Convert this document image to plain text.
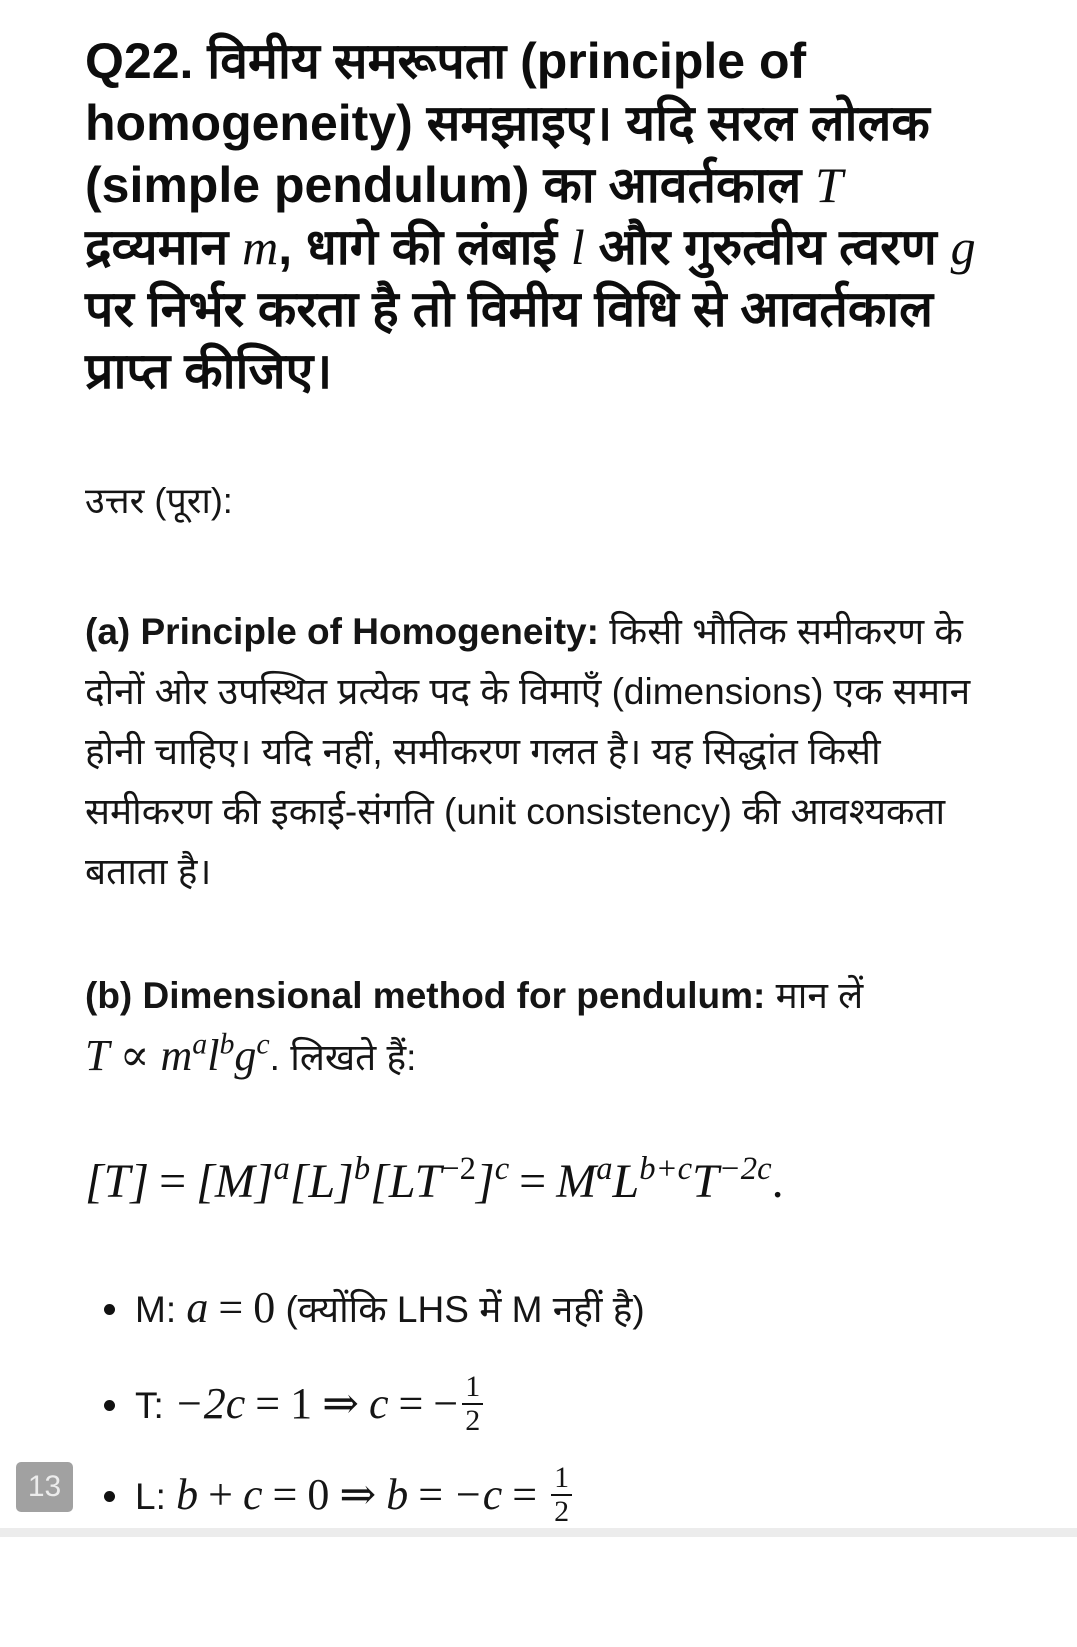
Q22. विमीय समरूपता (principle of homogeneity) समझाइए। यदि सरल लोलक (simple pendulum) का आवर्तकाल T द्रव्यमान m, धागे की लंबाई l और गुरुत्वीय त्वरण g पर निर्भर करता है तो विमीय विधि से आवर्तकाल प्राप्त कीजिए।
उत्तर (पूरा):
(a) Principle of Homogeneity: किसी भौतिक समीकरण के दोनों ओर उपस्थित प्रत्येक पद के विमाएँ (dimensions) एक समान होनी चाहिए। यदि नहीं, समीकरण गलत है। यह सिद्धांत किसी समीकरण की इकाई-संगति (unit consistency) की आवश्यकता बताता है।
(b) Dimensional method for pendulum: मान लें
$T \propto m^al^bg^c$. लिखते हैं:
$[T] = [M]^a[L]^b[LT^{-2}]^c = M^aL^{b+c}T^{-2c}$.
M: a = 0 (क्योंकि LHS में M नहीं है)
T: −2c = 1 ⇒ c = − $\frac{1}{2}$
L: b + c = 0 ⇒ $b = -c = \frac{1}{2}$
13
